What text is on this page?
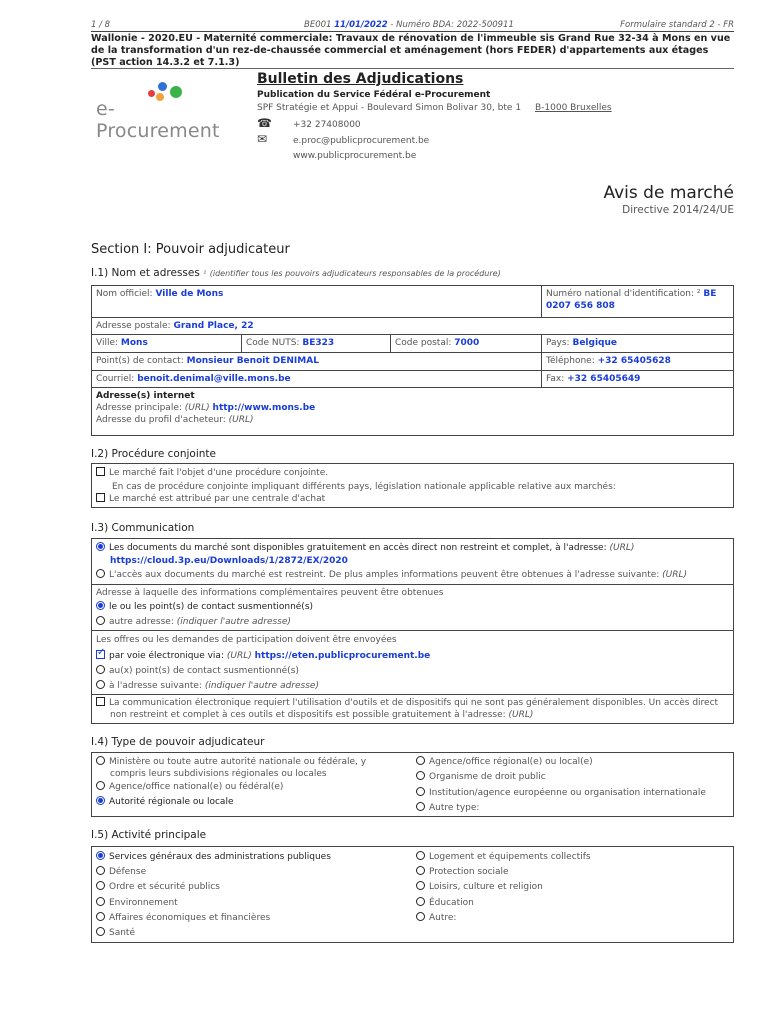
1 / 8	BE001 11/01/2022 - Numéro BDA: 2022-500911	Formulaire standard 2 - FR
Wallonie - 2020.EU - Maternité commerciale: Travaux de rénovation de l'immeuble sis Grand Rue 32-34 à Mons en vue de la transformation d'un rez-de-chaussée commercial et aménagement (hors FEDER) d'appartements aux étages (PST action 14.3.2 et 7.1.3)
e-Procurement
Bulletin des Adjudications
Publication du Service Fédéral e-Procurement
SPF Stratégie et Appui - Boulevard Simon Bolivar 30, bte 1 B-1000 Bruxelles
☎ +32 27408000
✉	e.proc@publicprocurement.be
www.publicprocurement.be
Avis de marché
Directive 2014/24/UE
Section I: Pouvoir adjudicateur
I.1) Nom et adresses ¹ (identifier tous les pouvoirs adjudicateurs responsables de la procédure)
Nom officiel: Ville de Mons	Numéro national d'identification: ² BE 0207 656 808
Adresse postale: Grand Place, 22
Ville: Mons	Code NUTS: BE323	Code postal: 7000	Pays: Belgique
Point(s) de contact: Monsieur Benoit DENIMAL	Téléphone: +32 65405628
Courriel: benoit.denimal@ville.mons.be	Fax: +32 65405649
Adresse(s) internet
Adresse principale: (URL) http://www.mons.be
Adresse du profil d'acheteur: (URL)
I.2) Procédure conjointe
Le marché fait l'objet d'une procédure conjointe.
En cas de procédure conjointe impliquant différents pays, législation nationale applicable relative aux marchés:
Le marché est attribué par une centrale d'achat
I.3) Communication
Les documents du marché sont disponibles gratuitement en accès direct non restreint et complet, à l'adresse: (URL)
https://cloud.3p.eu/Downloads/1/2872/EX/2020
L'accès aux documents du marché est restreint. De plus amples informations peuvent être obtenues à l'adresse suivante: (URL)
Adresse à laquelle des informations complémentaires peuvent être obtenues
le ou les point(s) de contact susmentionné(s)
autre adresse: (indiquer l'autre adresse)
Les offres ou les demandes de participation doivent être envoyées
✓par voie électronique via: (URL) https://eten.publicprocurement.be
au(x) point(s) de contact susmentionné(s)
à l'adresse suivante: (indiquer l'autre adresse)
La communication électronique requiert l'utilisation d'outils et de dispositifs qui ne sont pas généralement disponibles. Un accès direct
non restreint et complet à ces outils et dispositifs est possible gratuitement à l'adresse: (URL)
I.4) Type de pouvoir adjudicateur
Ministère ou toute autre autorité nationale ou fédérale, y
compris leurs subdivisions régionales ou locales
Agence/office national(e) ou fédéral(e)
Autorité régionale ou locale
Agence/office régional(e) ou local(e)
Organisme de droit public
Institution/agence européenne ou organisation internationale
Autre type:
I.5) Activité principale
Services généraux des administrations publiques
Défense
Ordre et sécurité publics
Environnement
Affaires économiques et financières
Santé
Logement et équipements collectifs
Protection sociale
Loisirs, culture et religion
Éducation
Autre:
